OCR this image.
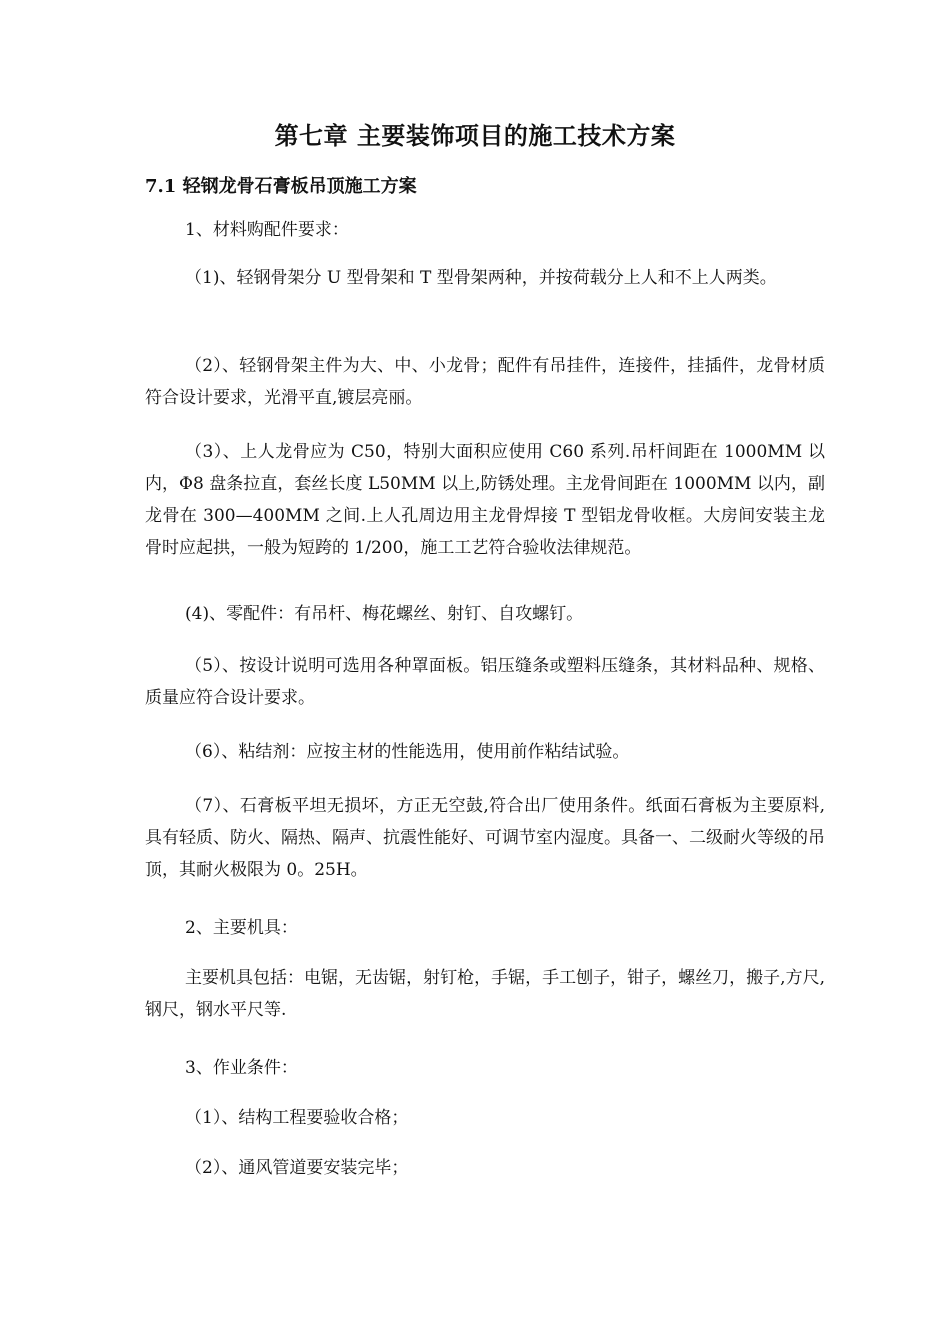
第七章 主要装饰项目的施工技术方案
7.1 轻钢龙骨石膏板吊顶施工方案

1、材料购配件要求：

（1)、轻钢骨架分 U 型骨架和 T 型骨架两种，并按荷载分上人和不上人两类。

（2）、轻钢骨架主件为大、中、小龙骨；配件有吊挂件，连接件，挂插件，龙骨材质符合设计要求，光滑平直,镀层亮丽。

（3）、上人龙骨应为 C50，特别大面积应使用 C60 系列.吊杆间距在 1000MM 以内，Φ8 盘条拉直，套丝长度 L50MM 以上,防锈处理。主龙骨间距在 1000MM 以内，副龙骨在 300—400MM 之间.上人孔周边用主龙骨焊接 T 型铝龙骨收框。大房间安装主龙骨时应起拱，一般为短跨的 1/200，施工工艺符合验收法律规范。

(4)、零配件：有吊杆、梅花螺丝、射钉、自攻螺钉。

（5）、按设计说明可选用各种罩面板。铝压缝条或塑料压缝条，其材料品种、规格、质量应符合设计要求。

（6）、粘结剂：应按主材的性能选用，使用前作粘结试验。

（7）、石膏板平坦无损坏，方正无空鼓,符合出厂使用条件。纸面石膏板为主要原料,具有轻质、防火、隔热、隔声、抗震性能好、可调节室内湿度。具备一、二级耐火等级的吊顶，其耐火极限为 0。25H。

2、主要机具：

主要机具包括：电锯，无齿锯，射钉枪，手锯，手工刨子，钳子，螺丝刀，搬子,方尺,钢尺，钢水平尺等.

3、作业条件：

（1）、结构工程要验收合格；

（2）、通风管道要安装完毕；
